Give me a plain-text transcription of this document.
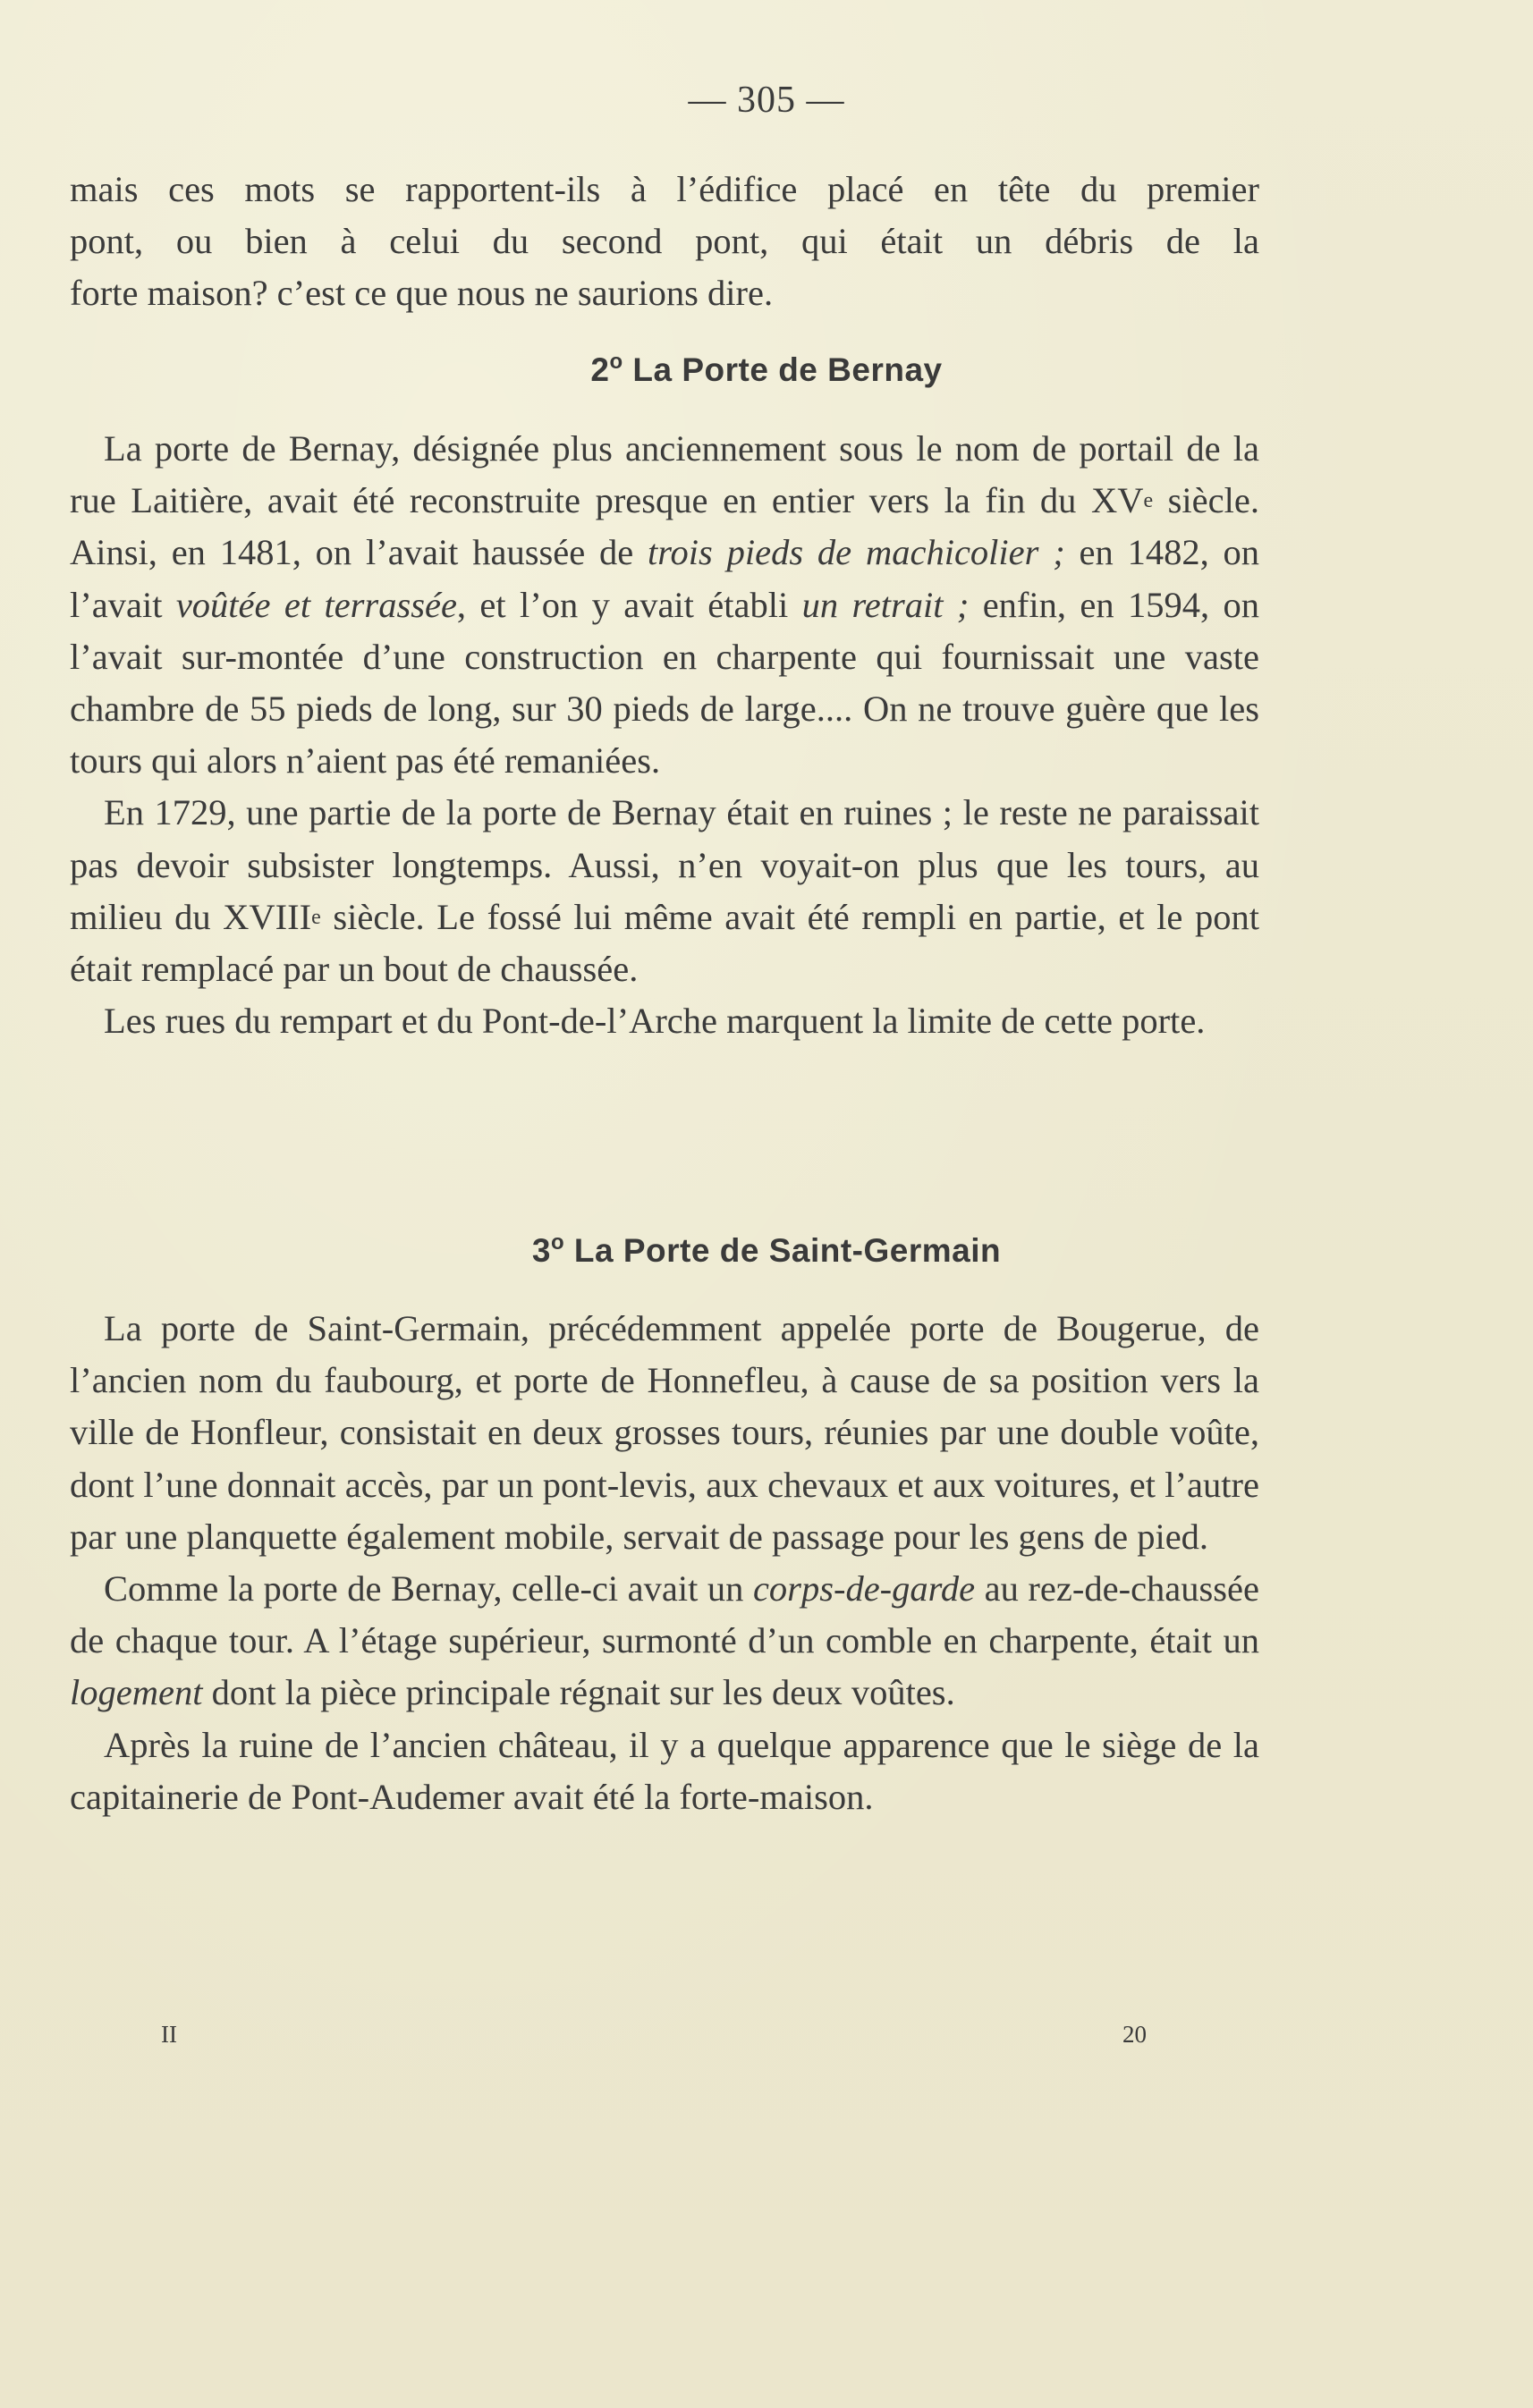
— 305 —

mais ces mots se rapportent-ils à l’édifice placé en tête du premier

pont, ou bien à celui du second pont, qui était un débris de la

forte maison? c’est ce que nous ne saurions dire.

2$^o$ La Porte de Bernay

La porte de Bernay, désignée plus anciennement sous le nom de portail de la rue Laitière, avait été reconstruite presque en entier vers la fin du XVe siècle. Ainsi, en 1481, on l’avait haussée de trois pieds de machicolier ; en 1482, on l’avait voûtée et terrassée, et l’on y avait établi un retrait ; enfin, en 1594, on l’avait sur-montée d’une construction en charpente qui fournissait une vaste chambre de 55 pieds de long, sur 30 pieds de large.... On ne trouve guère que les tours qui alors n’aient pas été remaniées.

En 1729, une partie de la porte de Bernay était en ruines ; le reste ne paraissait pas devoir subsister longtemps. Aussi, n’en voyait-on plus que les tours, au milieu du XVIIIe siècle. Le fossé lui même avait été rempli en partie, et le pont était remplacé par un bout de chaussée.

Les rues du rempart et du Pont-de-l’Arche marquent la limite de cette porte.

3$^o$ La Porte de Saint-Germain

La porte de Saint-Germain, précédemment appelée porte de Bougerue, de l’ancien nom du faubourg, et porte de Honnefleu, à cause de sa position vers la ville de Honfleur, consistait en deux grosses tours, réunies par une double voûte, dont l’une donnait accès, par un pont-levis, aux chevaux et aux voitures, et l’autre par une planquette également mobile, servait de passage pour les gens de pied.

Comme la porte de Bernay, celle-ci avait un corps-de-garde au rez-de-chaussée de chaque tour. A l’étage supérieur, surmonté d’un comble en charpente, était un logement dont la pièce principale régnait sur les deux voûtes.

Après la ruine de l’ancien château, il y a quelque apparence que le siège de la capitainerie de Pont-Audemer avait été la forte-maison.

II	20
